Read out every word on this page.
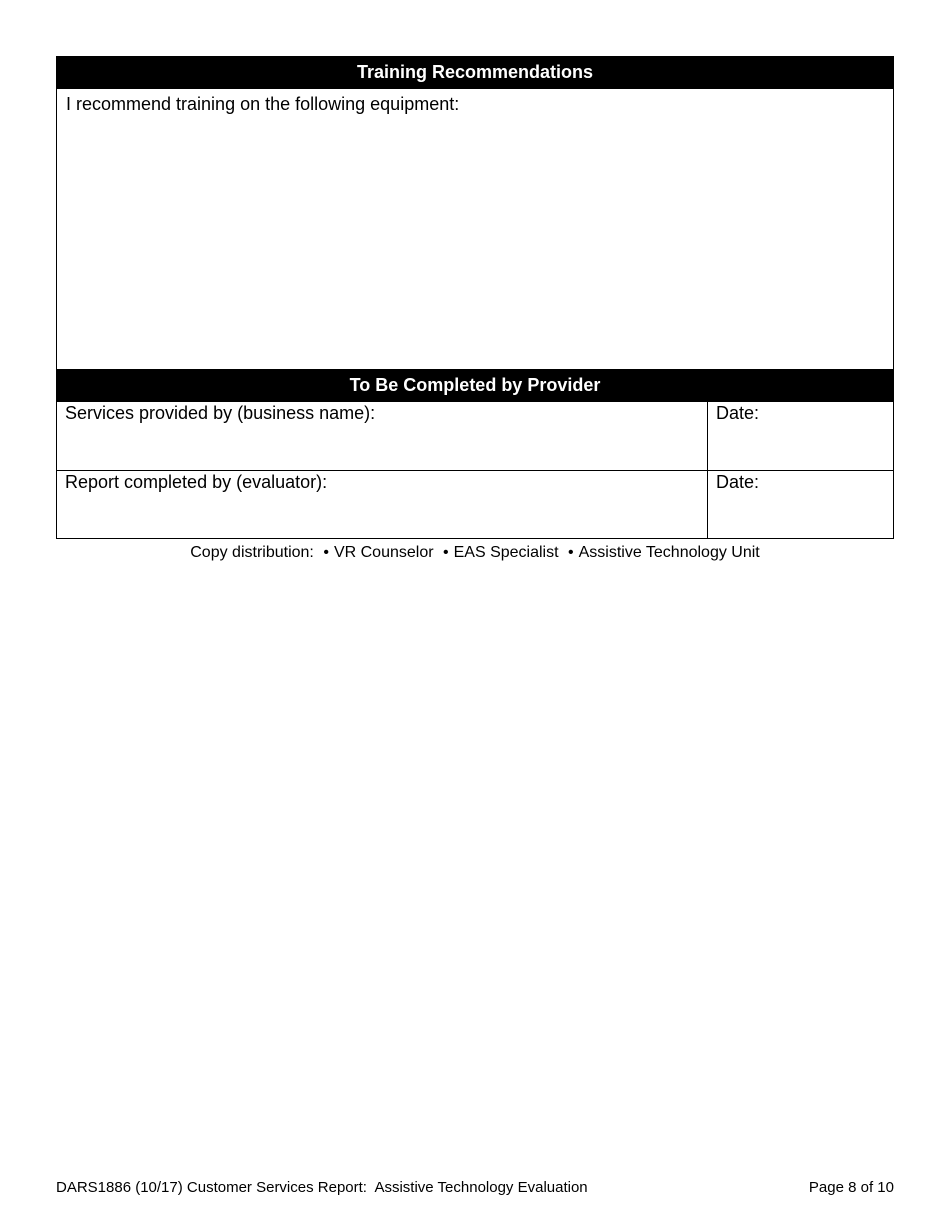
Training Recommendations
I recommend training on the following equipment:
To Be Completed by Provider
Services provided by (business name):	Date:
Report completed by (evaluator):	Date:
Copy distribution: • VR Counselor • EAS Specialist • Assistive Technology Unit
DARS1886 (10/17) Customer Services Report:  Assistive Technology Evaluation	Page 8 of 10
